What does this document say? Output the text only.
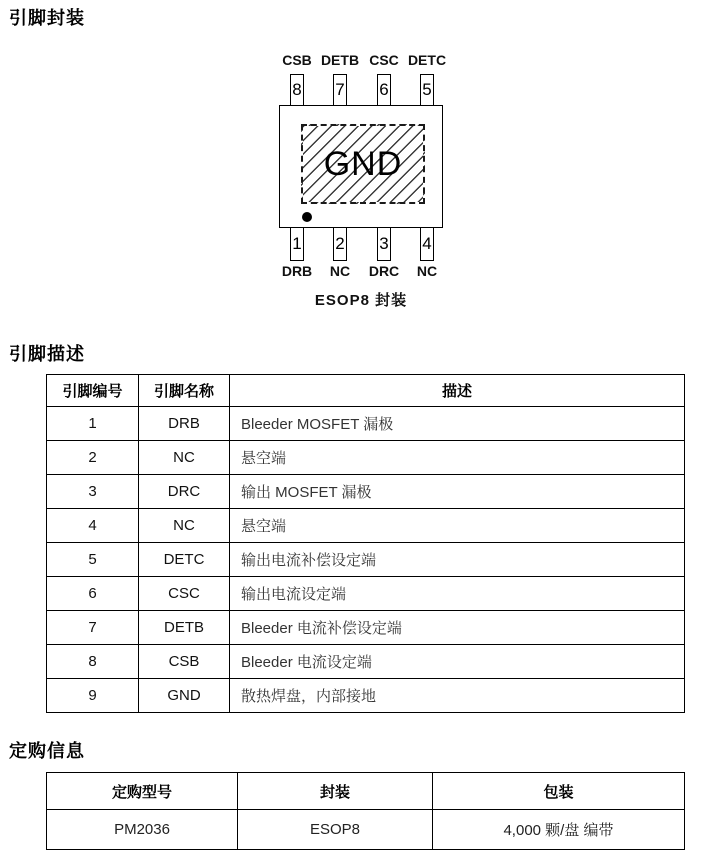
引脚封装
CSB DETB CSC DETC
8 7 6 5
GND
1 2 3 4
DRB	NC	DRC	NC
ESOP8 封装
引脚描述
引脚编号	引脚名称	描述
1	DRB	Bleeder MOSFET 漏极
2	NC	悬空端
3	DRC	输出 MOSFET 漏极
4	NC	悬空端
5	DETC	输出电流补偿设定端
6	CSC	输出电流设定端
7	DETB	Bleeder 电流补偿设定端
8	CSB	Bleeder 电流设定端
9	GND	散热焊盘，内部接地
定购信息
定购型号	封装	包装
PM2036	ESOP8	4,000 颗/盘 编带
